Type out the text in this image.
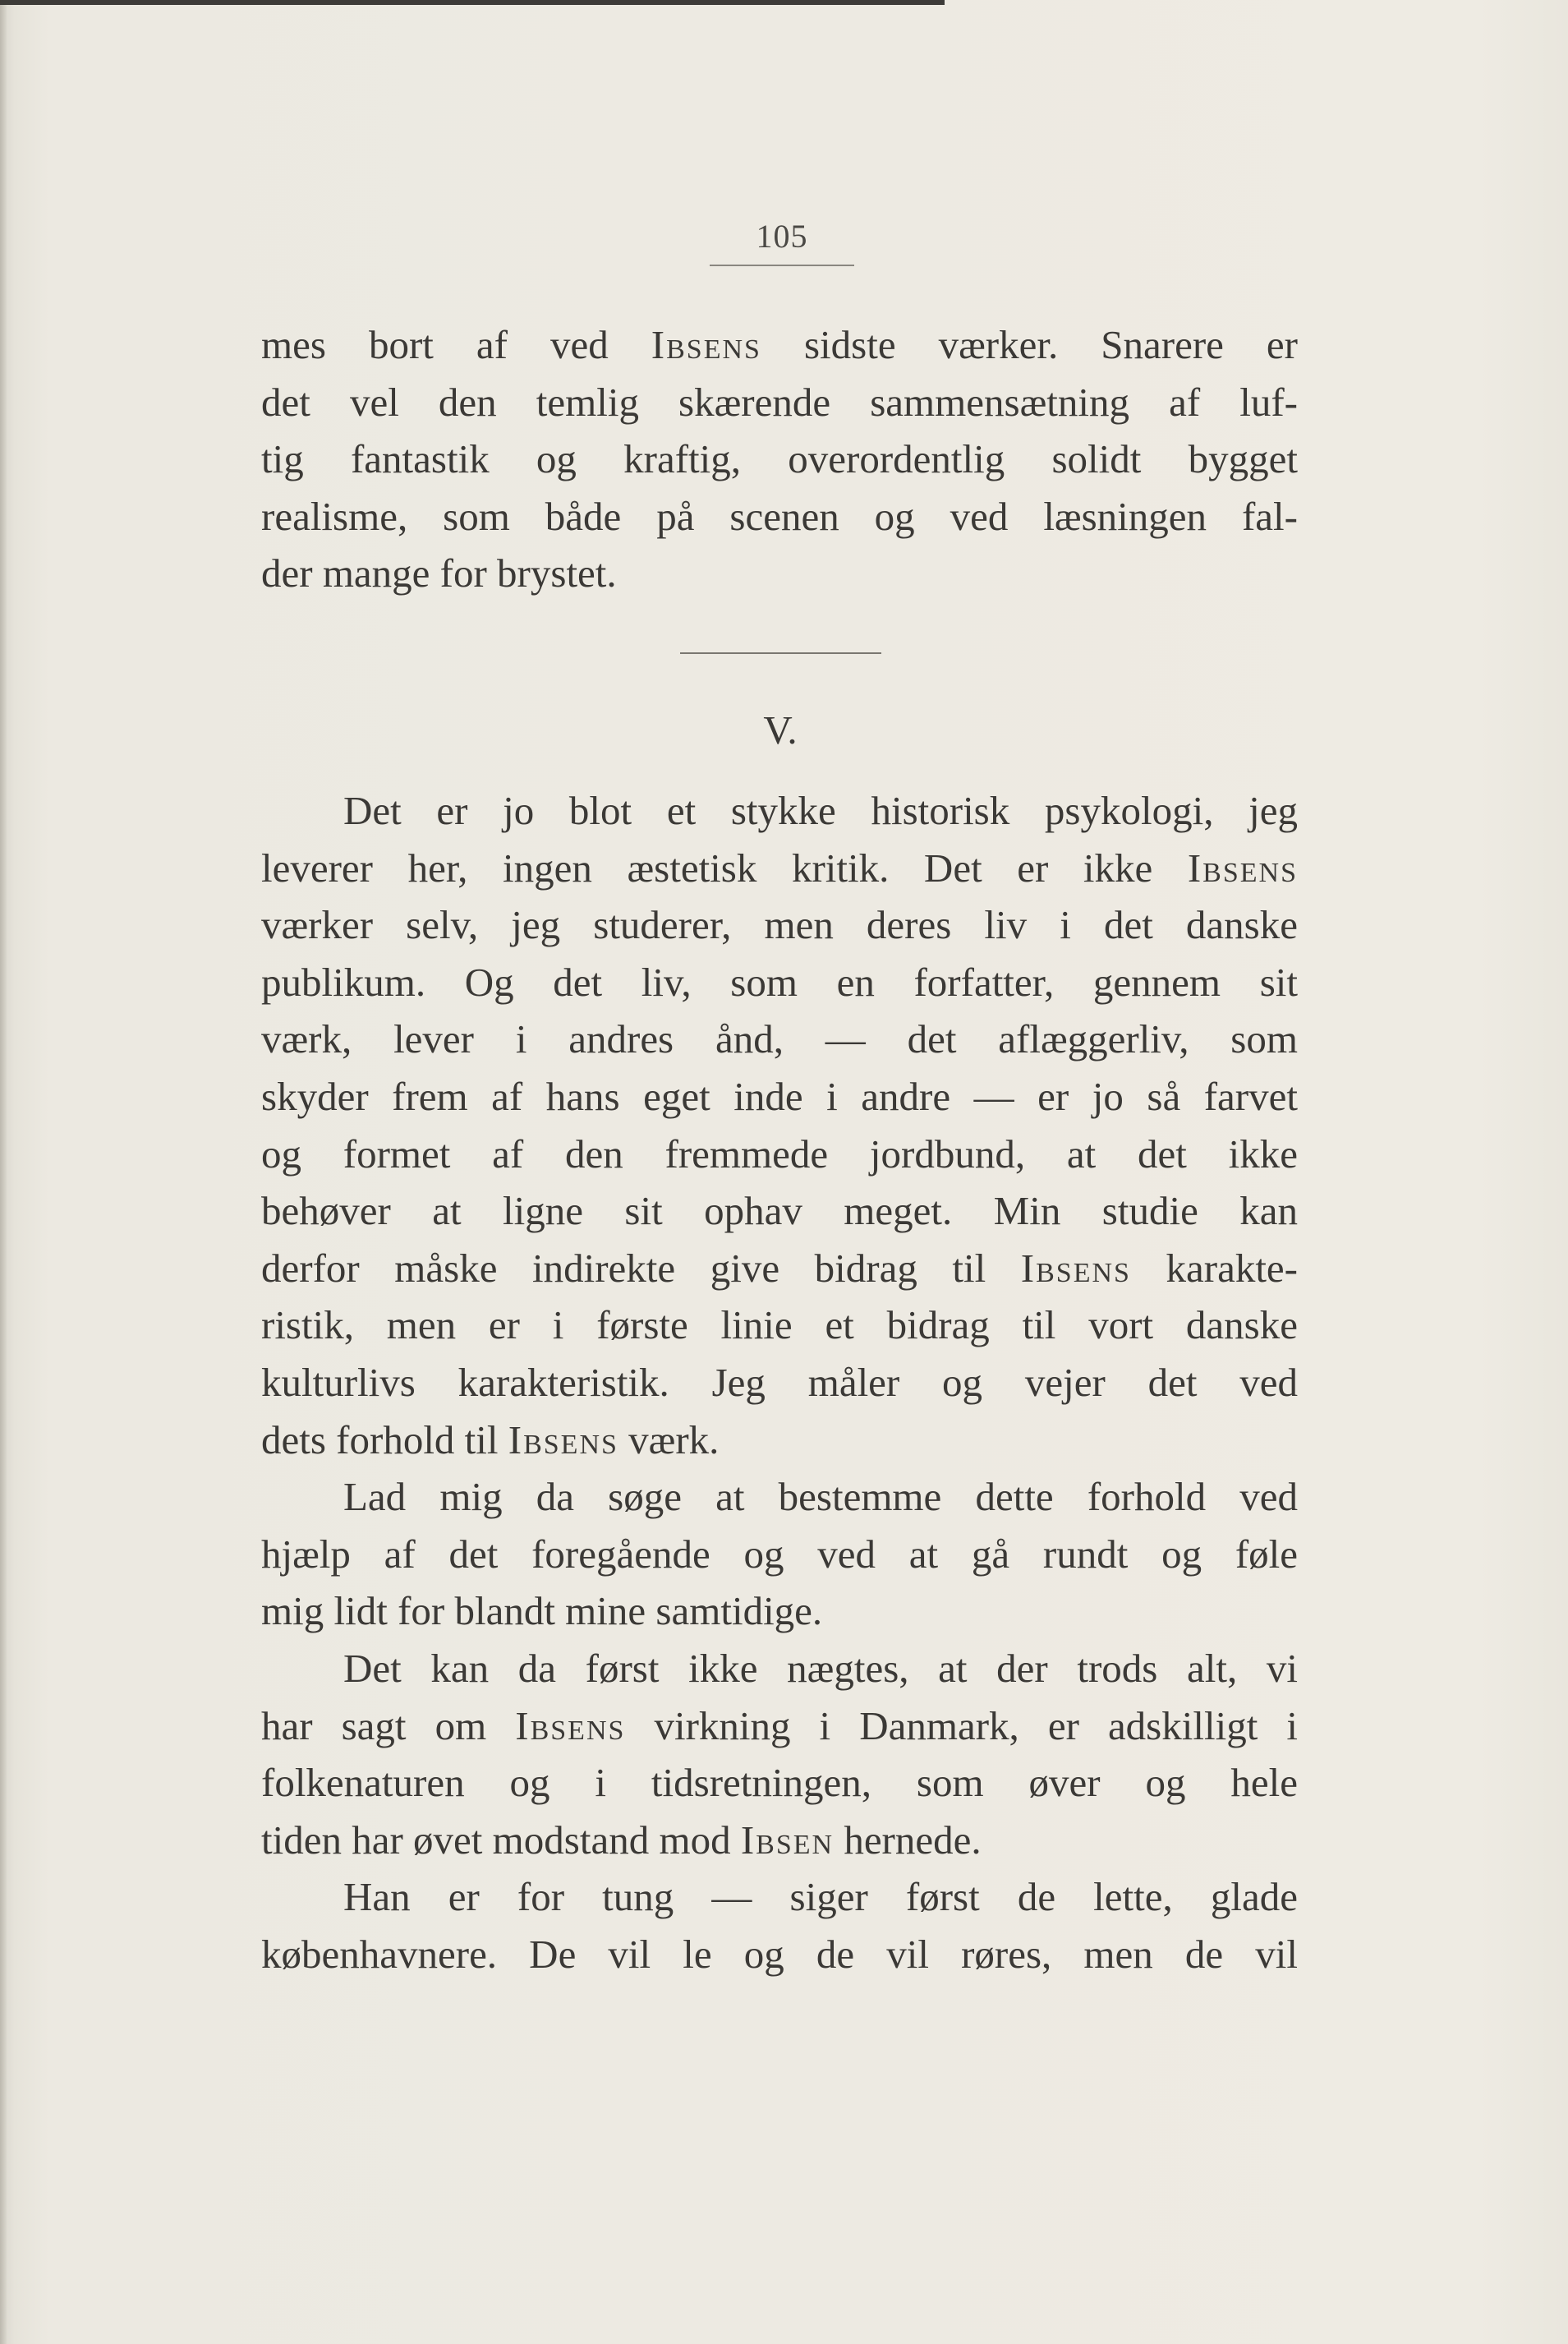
105
mes bort af ved Ibsens sidste værker. Snarere er
det vel den temlig skærende sammensætning af luf-
tig fantastik og kraftig, overordentlig solidt bygget
realisme, som både på scenen og ved læsningen fal-
der mange for brystet.
V.
Det er jo blot et stykke historisk psykologi, jeg
leverer her, ingen æstetisk kritik. Det er ikke Ibsens
værker selv, jeg studerer, men deres liv i det danske
publikum. Og det liv, som en forfatter, gennem sit
værk, lever i andres ånd, — det aflæggerliv, som
skyder frem af hans eget inde i andre — er jo så farvet
og formet af den fremmede jordbund, at det ikke
behøver at ligne sit ophav meget. Min studie kan
derfor måske indirekte give bidrag til Ibsens karakte-
ristik, men er i første linie et bidrag til vort danske
kulturlivs karakteristik. Jeg måler og vejer det ved
dets forhold til Ibsens værk.
Lad mig da søge at bestemme dette forhold ved
hjælp af det foregående og ved at gå rundt og føle
mig lidt for blandt mine samtidige.
Det kan da først ikke nægtes, at der trods alt, vi
har sagt om Ibsens virkning i Danmark, er adskilligt i
folkenaturen og i tidsretningen, som øver og hele
tiden har øvet modstand mod Ibsen hernede.
Han er for tung — siger først de lette, glade
københavnere. De vil le og de vil røres, men de vil
